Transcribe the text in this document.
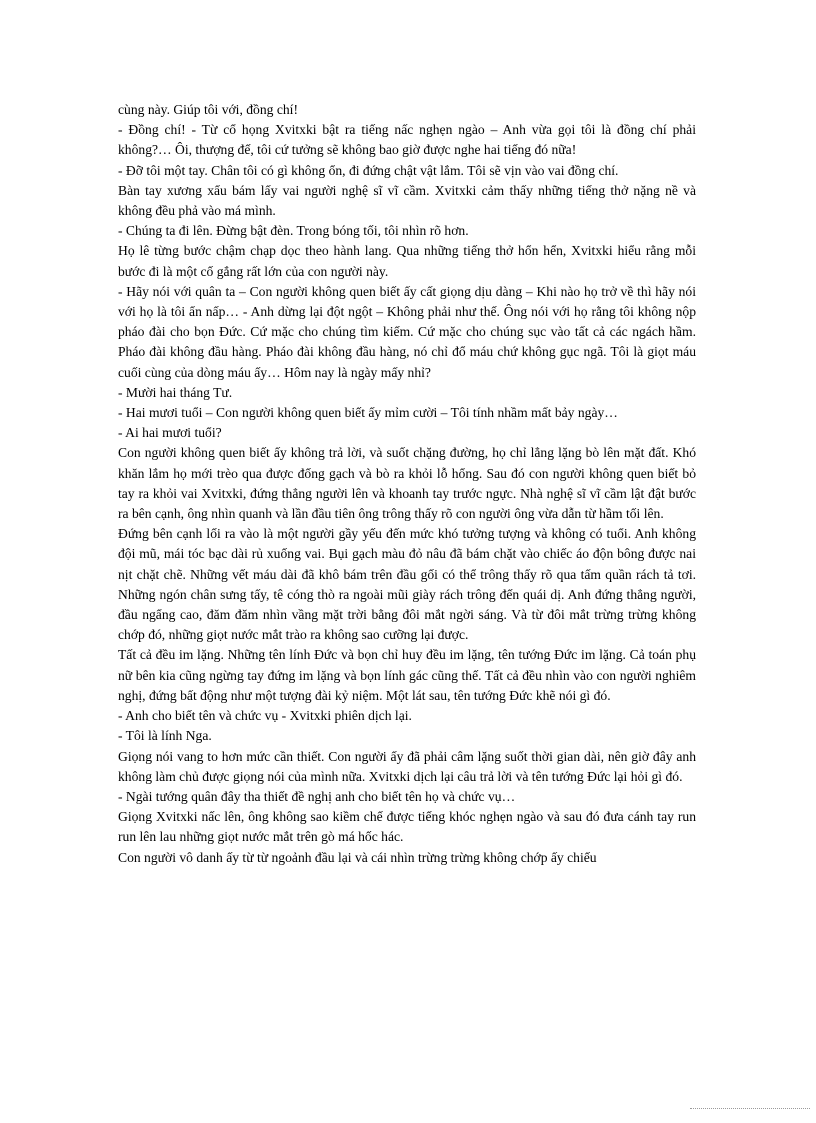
cùng này. Giúp tôi với, đồng chí!

- Đồng chí! - Từ cổ họng Xvitxki bật ra tiếng nấc nghẹn ngào – Anh vừa gọi tôi là đồng chí phải không?… Ôi, thượng đế, tôi cứ tưởng sẽ không bao giờ được nghe hai tiếng đó nữa!

- Đỡ tôi một tay. Chân tôi có gì không ổn, đi đứng chật vật lắm. Tôi sẽ vịn vào vai đồng chí.

Bàn tay xương xẩu bám lấy vai người nghệ sĩ vĩ cầm. Xvitxki cảm thấy những tiếng thở nặng nề và không đều phả vào má mình.

- Chúng ta đi lên. Đừng bật đèn. Trong bóng tối, tôi nhìn rõ hơn.

Họ lê từng bước chậm chạp dọc theo hành lang. Qua những tiếng thở hổn hển, Xvitxki hiểu rằng mỗi bước đi là một cố gắng rất lớn của con người này.

- Hãy nói với quân ta – Con người không quen biết ấy cất giọng dịu dàng – Khi nào họ trở về thì hãy nói với họ là tôi ẩn nấp… - Anh dừng lại đột ngột – Không phải như thế. Ông nói với họ rằng tôi không nộp pháo đài cho bọn Đức. Cứ mặc cho chúng tìm kiếm. Cứ mặc cho chúng sục vào tất cả các ngách hầm. Pháo đài không đầu hàng. Pháo đài không đầu hàng, nó chỉ đổ máu chứ không gục ngã. Tôi là giọt máu cuối cùng của dòng máu ấy… Hôm nay là ngày mấy nhỉ?

- Mười hai tháng Tư.

- Hai mươi tuổi – Con người không quen biết ấy mỉm cười – Tôi tính nhầm mất bảy ngày…

- Ai hai mươi tuổi?

Con người không quen biết ấy không trả lời, và suốt chặng đường, họ chỉ lẳng lặng bò lên mặt đất. Khó khăn lắm họ mới trèo qua được đống gạch và bò ra khỏi lỗ hổng. Sau đó con người không quen biết bỏ tay ra khỏi vai Xvitxki, đứng thẳng người lên và khoanh tay trước ngực. Nhà nghệ sĩ vĩ cầm lật đật bước ra bên cạnh, ông nhìn quanh và lần đầu tiên ông trông thấy rõ con người ông vừa dẫn từ hầm tối lên.

Đứng bên cạnh lối ra vào là một người gầy yếu đến mức khó tưởng tượng và không có tuổi. Anh không đội mũ, mái tóc bạc dài rủ xuống vai. Bụi gạch màu đỏ nâu đã bám chặt vào chiếc áo độn bông được nai nịt chặt chẽ. Những vết máu dài đã khô bám trên đầu gối có thể trông thấy rõ qua tấm quần rách tả tơi. Những ngón chân sưng tấy, tê cóng thò ra ngoài mũi giày rách trông đến quái dị. Anh đứng thẳng người, đầu ngẩng cao, đăm đăm nhìn vầng mặt trời bằng đôi mắt ngời sáng. Và từ đôi mắt trừng trừng không chớp đó, những giọt nước mắt trào ra không sao cưỡng lại được.

Tất cả đều im lặng. Những tên lính Đức và bọn chỉ huy đều im lặng, tên tướng Đức im lặng. Cả toán phụ nữ bên kia cũng ngừng tay đứng im lặng và bọn lính gác cũng thế. Tất cả đều nhìn vào con người nghiêm nghị, đứng bất động như một tượng đài kỷ niệm. Một lát sau, tên tướng Đức khẽ nói gì đó.

- Anh cho biết tên và chức vụ - Xvitxki phiên dịch lại.

- Tôi là lính Nga.

Giọng nói vang to hơn mức cần thiết. Con người ấy đã phải câm lặng suốt thời gian dài, nên giờ đây anh không làm chủ được giọng nói của mình nữa. Xvitxki dịch lại câu trả lời và tên tướng Đức lại hỏi gì đó.

- Ngài tướng quân đây tha thiết đề nghị anh cho biết tên họ và chức vụ…

Giọng Xvitxki nấc lên, ông không sao kiềm chế được tiếng khóc nghẹn ngào và sau đó đưa cánh tay run run lên lau những giọt nước mắt trên gò má hốc hác.

Con người vô danh ấy từ từ ngoảnh đầu lại và cái nhìn trừng trừng không chớp ấy chiếu
